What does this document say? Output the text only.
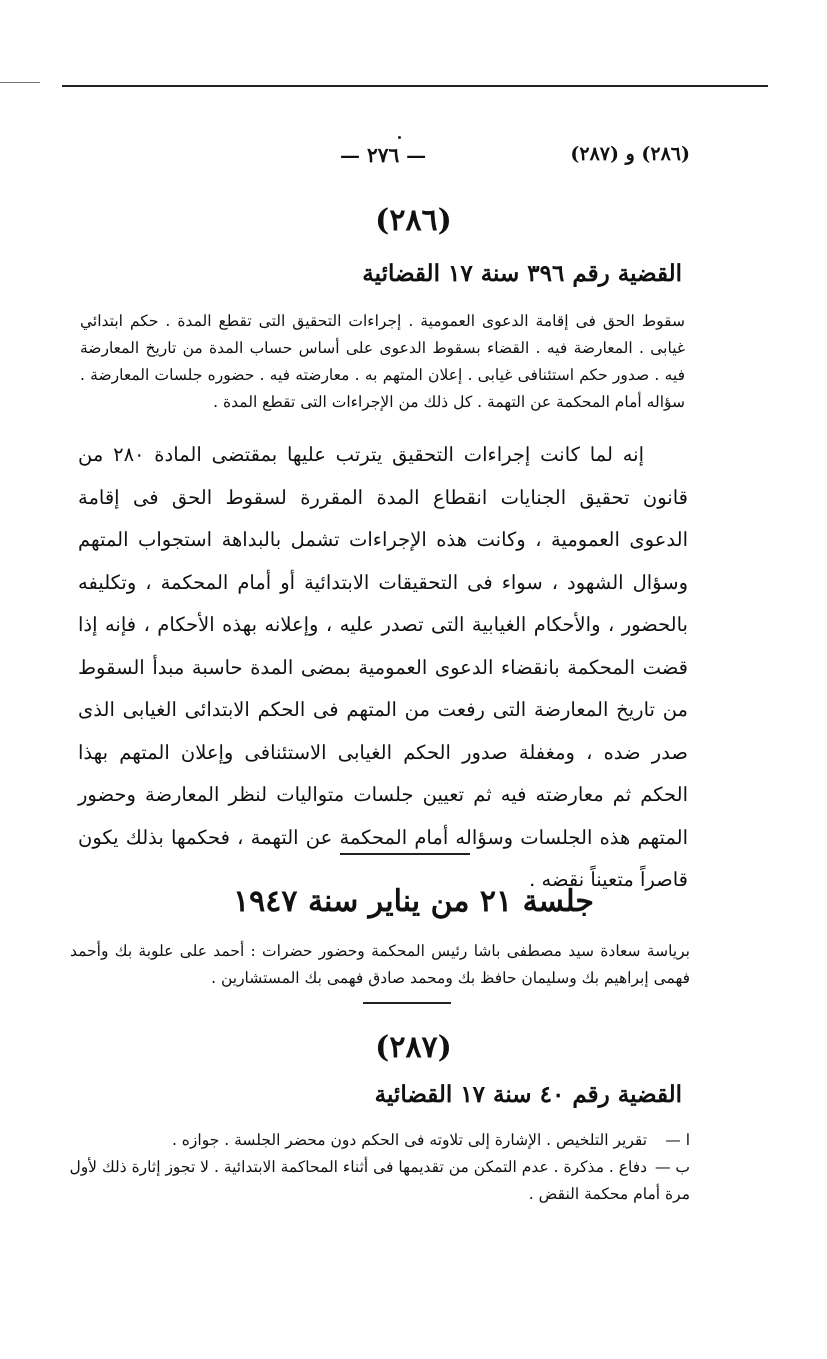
(٢٨٦) و (٢٨٧)
— ٢٧٦ —
(٢٨٦)
القضية رقم ٣٩٦ سنة ١٧ القضائية
سقوط الحق فى إقامة الدعوى العمومية . إجراءات التحقيق التى تقطع المدة . حكم ابتدائي غيابى . المعارضة فيه . القضاء بسقوط الدعوى على أساس حساب المدة من تاريخ المعارضة فيه . صدور حكم استئنافى غيابى . إعلان المتهم به . معارضته فيه . حضوره جلسات المعارضة . سؤاله أمام المحكمة عن التهمة . كل ذلك من الإجراءات التى تقطع المدة .

إنه لما كانت إجراءات التحقيق يترتب عليها بمقتضى المادة ٢٨٠ من قانون تحقيق الجنايات انقطاع المدة المقررة لسقوط الحق فى إقامة الدعوى العمومية ، وكانت هذه الإجراءات تشمل بالبداهة استجواب المتهم وسؤال الشهود ، سواء فى التحقيقات الابتدائية أو أمام المحكمة ، وتكليفه بالحضور ، والأحكام الغيابية التى تصدر عليه ، وإعلانه بهذه الأحكام ، فإنه إذا قضت المحكمة بانقضاء الدعوى العمومية بمضى المدة حاسبة مبدأ السقوط من تاريخ المعارضة التى رفعت من المتهم فى الحكم الابتدائى الغيابى الذى صدر ضده ، ومغفلة صدور الحكم الغيابى الاستئنافى وإعلان المتهم بهذا الحكم ثم معارضته فيه ثم تعيين جلسات متواليات لنظر المعارضة وحضور المتهم هذه الجلسات وسؤاله أمام المحكمة عن التهمة ، فحكمها بذلك يكون قاصراً متعيناً نقضه .

جلسة ٢١ من يناير سنة ١٩٤٧
برياسة سعادة سيد مصطفى باشا رئيس المحكمة وحضور حضرات : أحمد على علوبة بك وأحمد فهمى إبراهيم بك وسليمان حافظ بك ومحمد صادق فهمى بك المستشارين .
(٢٨٧)
القضية رقم ٤٠ سنة ١٧ القضائية

ا — تقرير التلخيص . الإشارة إلى تلاوته فى الحكم دون محضر الجلسة . جوازه .

ب — دفاع . مذكرة . عدم التمكن من تقديمها فى أثناء المحاكمة الابتدائية . لا تجوز إثارة ذلك لأول مرة أمام محكمة النقض .
